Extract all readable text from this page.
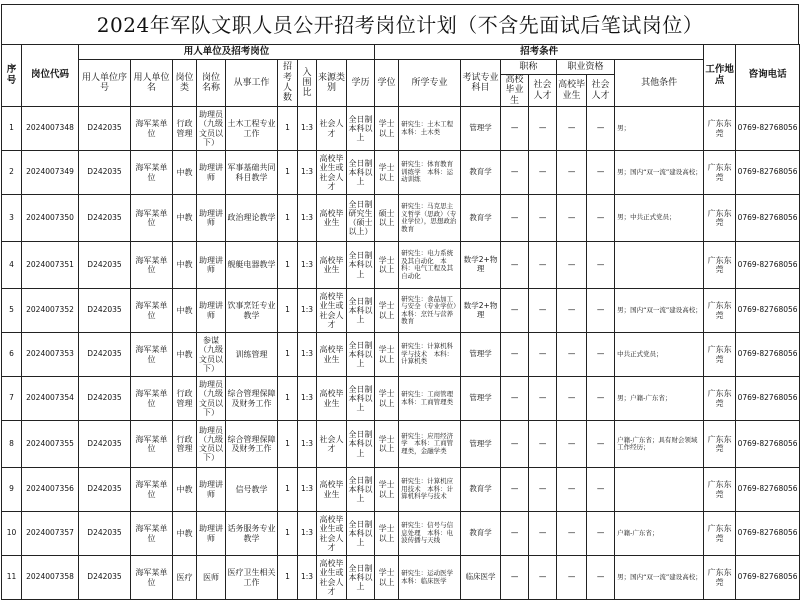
2024年军队文职人员公开招考岗位计划（不含先面试后笔试岗位）
序号	岗位代码	用人单位及招考岗位									招考条件								工作地点	咨询电话
		用人单位序号	用人单位名	岗位类	岗位名称	从事工作	招考人数	入围比	来源类别	学历	学位	所学专业	考试专业科目	职称		职业资格		其他条件		
														高校毕业生	社会人才	高校毕业生	社会人才			
1	2024007348	D242035	海军某单位	行政管理	助理员（九级文员以下）	土木工程专业工作	1	1:3	社会人才	全日制本科以上	学士以上	研究生：土木工程　本科：土木类	管理学	—	—	—	—	男；	广东东莞	0769-82768056
2	2024007349	D242035	海军某单位	中教	助理讲师	军事基础共同科目教学	1	1:3	高校毕业生或社会人才	全日制本科以上	学士以上	研究生：体育教育训练学　本科：运动训练	教育学	—	—	—	—	男；国内“双一流”建设高校；	广东东莞	0769-82768056
3	2024007350	D242035	海军某单位	中教	助理讲师	政治理论教学	1	1:3	高校毕业生	全日制研究生（硕士以上）	硕士以上	研究生：马克思主义哲学（思政）（专业学位），思想政治教育	教育学	—	—	—	—	男；中共正式党员；	广东东莞	0769-82768056
4	2024007351	D242035	海军某单位	中教	助理讲师	舰艇电器教学	1	1:3	高校毕业生	全日制本科以上	学士以上	研究生：电力系统及其自动化　本科：电气工程及其自动化	数学2+物理	—	—	—	—		广东东莞	0769-82768056
5	2024007352	D242035	海军某单位	中教	助理讲师	饮事烹饪专业教学	1	1:3	高校毕业生或社会人才	全日制本科以上	学士以上	研究生：食品加工与安全（专业学位）　本科：烹饪与营养教育	数学2+物理	—	—	—	—	男；国内“双一流”建设高校；	广东东莞	0769-82768056
6	2024007353	D242035	海军某单位	中教	参谋（九级文员以下）	训练管理	1	1:3	高校毕业生	全日制本科以上	学士以上	研究生：计算机科学与技术　本科：计算机类	管理学	—	—	—	—	中共正式党员；	广东东莞	0769-82768056
7	2024007354	D242035	海军某单位	行政管理	助理员（九级文员以下）	综合管理保障及财务工作	1	1:3	高校毕业生	全日制本科以上	学士以上	研究生：工商管理　本科：工商管理类	管理学	—	—	—	—	男；户籍-广东省；	广东东莞	0769-82768056
8	2024007355	D242035	海军某单位	行政管理	助理员（九级文员以下）	综合管理保障及财务工作	1	1:3	社会人才	全日制本科以上	学士以上	研究生：应用经济学　本科：工商管理类，金融学类	管理学	—	—	—	—	户籍-广东省；具有财会领域工作经历；	广东东莞	0769-82768056
9	2024007356	D242035	海军某单位	中教	助理讲师	信号教学	1	1:3	高校毕业生	全日制本科以上	学士以上	研究生：计算机应用技术　本科：计算机科学与技术	教育学	—	—	—	—		广东东莞	0769-82768056
10	2024007357	D242035	海军某单位	中教	助理讲师	话务服务专业教学	1	1:3	高校毕业生或社会人才	全日制本科以上	学士以上	研究生：信号与信息处理　本科：电波传播与天线	教育学	—	—	—	—	户籍-广东省；	广东东莞	0769-82768056
11	2024007358	D242035	海军某单位	医疗	医师	医疗卫生相关工作	1	1:3	高校毕业生或社会人才	全日制本科以上	学士以上	研究生：运动医学　本科：临床医学	临床医学	—	—	—	—	男；国内“双一流”建设高校；	广东东莞	0769-82768056
